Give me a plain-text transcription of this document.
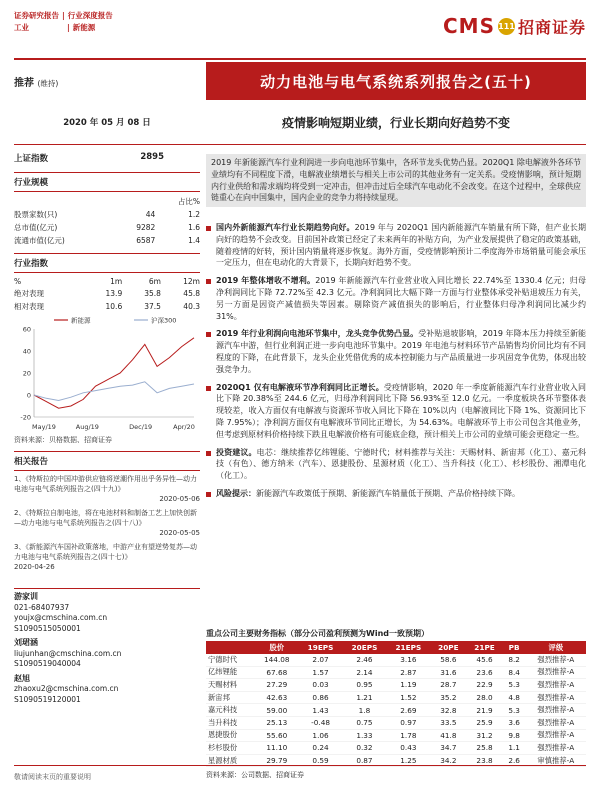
证券研究报告 | 行业深度报告
工业	| 新能源	CMS 111 招商证券
推荐 (维持)	动力电池与电气系统系列报告之(五十)
2020 年 05 月 08 日	疫情影响短期业绩，行业长期向好趋势不变
上证指数	2895
行业规模
		占比%
股票家数(只)	44	1.2
总市值(亿元)	9282	1.6
流通市值(亿元)	6587	1.4
行业指数
%	1m	6m	12m
绝对表现	13.9	35.8	45.8
相对表现	10.6	37.5	40.3
60
40
20
0
-20
May/19	Aug/19	Dec/19	Apr/20
新能源	沪深300
资料来源：贝格数据、招商证券
相关报告
1、《特斯拉的中国冲游供应链将逆潮作用出乎务异性—动力电池与电气系统列报告之(四十九)》
2020-05-06
2、《特斯拉自制电池，将在电池材料和制备工艺上加快创新—动力电池与电气系统列报告之(四十八)》
2020-05-05
3、《新能源汽车国补政策落地，中游产业有望逆势复苏—动力电池与电气系统列报告之(四十七)》
2020-04-26
游家训
021-68407937
youjx@cmschina.com.cn
S1090515050001
刘珺涵
liujunhan@cmschina.com.cn
S1090519040004
赵旭
zhaoxu2@cmschina.com.cn
S1090519120001
2019 年新能源汽车行业利润进一步向电池环节集中，各环节龙头优势凸显。2020Q1 除电解液外各环节业绩均有不同程度下滑，电解液业绩增长与相关上市公司的其他业务有一定关系。受疫情影响，预计短期内行业供给和需求端均将受到一定冲击，但冲击过后全球汽车电动化不会改变。在这个过程中，全球供应链重心在向中国集中，国内企业的竞争力将持续显现。
国内外新能源汽车行业长期趋势向好。2019 年与 2020Q1 国内新能源汽车销量有所下降，但产业长期向好的趋势不会改变。目前国补政策已经定了未来两年的补贴方向，为产业发展提供了稳定的政策基础，随着疫情的好转，预计国内销量将逐步恢复。海外方面，受疫情影响预计二季度海外市场销量可能会承压一定压力，但在电动化的大背景下，长期向好趋势不变。
2019 年整体增收不增利。2019 年新能源汽车行业营业收入同比增长 22.74%至 1330.4 亿元；归母净利润同比下降 72.72%至 42.3 亿元。净利润同比大幅下降一方面与行业整体承受补贴退坡压力有关，另一方面是因资产减值损失等因素。剔除资产减值损失的影响后，行业整体归母净利润同比减少约 31%。
2019 年行业利润向电池环节集中，龙头竞争优势凸显。受补贴退坡影响，2019 年降本压力持续至新能源汽车中游，但行业利润正进一步向电池环节集中。2019 年电池与材料环节产品销售均价同比均有不同程度的下降，在此背景下，龙头企业凭借优秀的成本控制能力与产品质量进一步巩固竞争优势，体现出较强竞争力。
2020Q1 仅有电解液环节净利润同比正增长。受疫情影响，2020 年一季度新能源汽车行业营业收入同比下降 20.38%至 244.6 亿元，归母净利润同比下降 56.93%至 12.0 亿元。一季度板块各环节整体表现较差，收入方面仅有电解液与资源环节收入同比下降在 10%以内（电解液同比下降 1%、资源同比下降 7.95%）；净利润方面仅有电解液环节同比正增长，为 54.63%。电解液环节上市公司包含其他业务，但考虑到原材料价格持续下跌且电解液价格有可能底企稳，预计相关上市公司的业绩可能会更稳定一些。
投资建议。电芯：继续推荐亿纬锂能、宁德时代；材料推荐与关注：天赐材料、新宙邦（化工）、嘉元科技（有色）、德方纳米（汽车）、恩捷股份、星源材质（化工）、当升科技（化工）、杉杉股份、湘潭电化（化工）。
风险提示：新能源汽车政策低于预期、新能源汽车销量低于预期、产品价格持续下降。
重点公司主要财务指标（部分公司盈利预测为Wind一致预期）
	股价	19EPS	20EPS	21EPS	20PE	21PE	PB	评级
宁德时代	144.08	2.07	2.46	3.16	58.6	45.6	8.2	强烈推荐-A
亿纬锂能	67.68	1.57	2.14	2.87	31.6	23.6	8.4	强烈推荐-A
天赐材料	27.29	0.03	0.95	1.19	28.7	22.9	5.3	强烈推荐-A
新宙邦	42.63	0.86	1.21	1.52	35.2	28.0	4.8	强烈推荐-A
嘉元科技	59.00	1.43	1.8	2.69	32.8	21.9	5.3	强烈推荐-A
当升科技	25.13	-0.48	0.75	0.97	33.5	25.9	3.6	强烈推荐-A
恩捷股份	55.60	1.06	1.33	1.78	41.8	31.2	9.8	强烈推荐-A
杉杉股份	11.10	0.24	0.32	0.43	34.7	25.8	1.1	强烈推荐-A
星源材质	29.79	0.59	0.87	1.25	34.2	23.8	2.6	审慎推荐-A
资料来源：公司数据、招商证券
敬请阅读末页的重要说明
